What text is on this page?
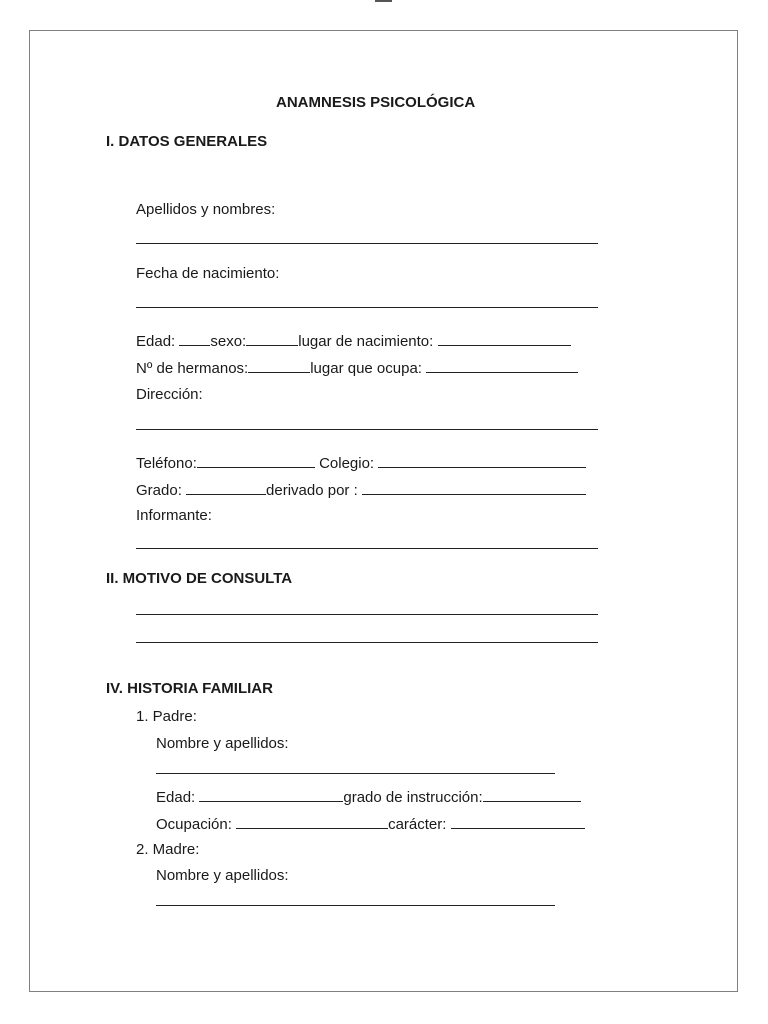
ANAMNESIS PSICOLÓGICA
I. DATOS GENERALES
Apellidos y nombres:
Fecha de nacimiento:
Edad: sexo:	lugar de nacimiento:
Nº de hermanos:	lugar que ocupa:
Dirección:
Teléfono:	Colegio:
Grado:	derivado por :
Informante:
II. MOTIVO DE CONSULTA
IV. HISTORIA FAMILIAR
1. Padre:
Nombre y apellidos:
Edad:	grado de instrucción:
Ocupación:	carácter:
2. Madre:
Nombre y apellidos:
